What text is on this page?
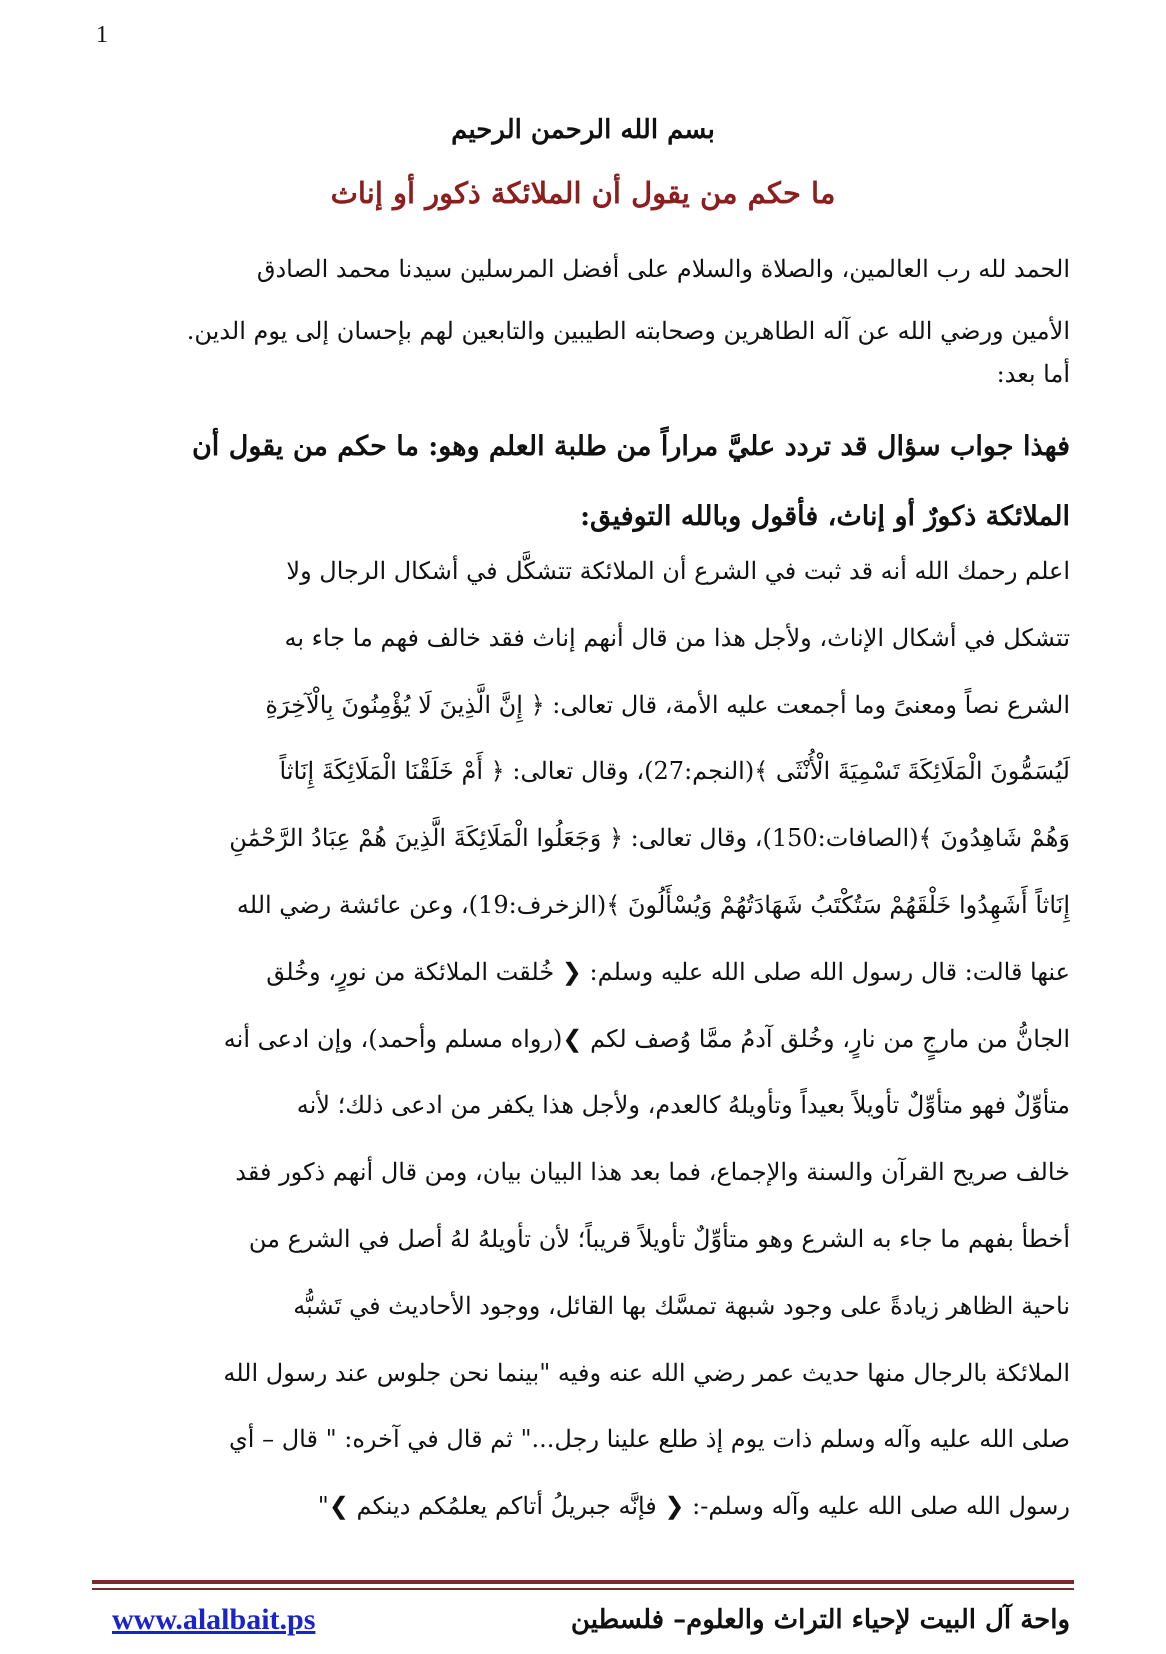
1
بسم الله الرحمن الرحيم
ما حكم من يقول أن الملائكة ذكور أو إناث
الحمد لله رب العالمين، والصلاة والسلام على أفضل المرسلين سيدنا محمد الصادق
الأمين ورضي الله عن آله الطاهرين وصحابته الطيبين والتابعين لهم بإحسان إلى يوم الدين.
أما بعد:
فهذا جواب سؤال قد تردد عليَّ مراراً من طلبة العلم وهو: ما حكم من يقول أن
الملائكة ذكورٌ أو إناث، فأقول وبالله التوفيق:
اعلم رحمك الله أنه قد ثبت في الشرع أن الملائكة تتشكَّل في أشكال الرجال ولا
تتشكل في أشكال الإناث، ولأجل هذا من قال أنهم إناث فقد خالف فهم ما جاء به
الشرع نصاً ومعنىً وما أجمعت عليه الأمة، قال تعالى: ﴿ إِنَّ الَّذِينَ لَا يُؤْمِنُونَ بِالْآخِرَةِ
لَيُسَمُّونَ الْمَلَائِكَةَ تَسْمِيَةَ الْأُنْثَى ﴾(النجم:27)، وقال تعالى: ﴿ أَمْ خَلَقْنَا الْمَلَائِكَةَ إِنَاثاً
وَهُمْ شَاهِدُونَ ﴾(الصافات:150)، وقال تعالى: ﴿ وَجَعَلُوا الْمَلَائِكَةَ الَّذِينَ هُمْ عِبَادُ الرَّحْمَٰنِ
إِنَاثاً أَشَهِدُوا خَلْقَهُمْ سَتُكْتَبُ شَهَادَتُهُمْ وَيُسْأَلُونَ ﴾(الزخرف:19)، وعن عائشة رضي الله
عنها قالت: قال رسول الله صلى الله عليه وسلم: ❮ خُلقت الملائكة من نورٍ، وخُلق
الجانُّ من مارجٍ من نارٍ، وخُلق آدمُ ممَّا وُصف لكم ❯(رواه مسلم وأحمد)، وإن ادعى أنه
متأوِّلٌ فهو متأوِّلٌ تأويلاً بعيداً وتأويلهُ كالعدم، ولأجل هذا يكفر من ادعى ذلك؛ لأنه
خالف صريح القرآن والسنة والإجماع، فما بعد هذا البيان بيان، ومن قال أنهم ذكور فقد
أخطأ بفهم ما جاء به الشرع وهو متأوِّلٌ تأويلاً قريباً؛ لأن تأويلهُ لهُ أصل في الشرع من
ناحية الظاهر زيادةً على وجود شبهة تمسَّك بها القائل، ووجود الأحاديث في تَشبُّه
الملائكة بالرجال منها حديث عمر رضي الله عنه وفيه "بينما نحن جلوس عند رسول الله
صلى الله عليه وآله وسلم ذات يوم إذ طلع علينا رجل..." ثم قال في آخره: " قال – أي
رسول الله صلى الله عليه وآله وسلم-: ❮ فإنَّه جبريلُ أتاكم يعلمُكم دينكم ❯"
www.alalbait.ps	واحة آل البيت لإحياء التراث والعلوم– فلسطين
